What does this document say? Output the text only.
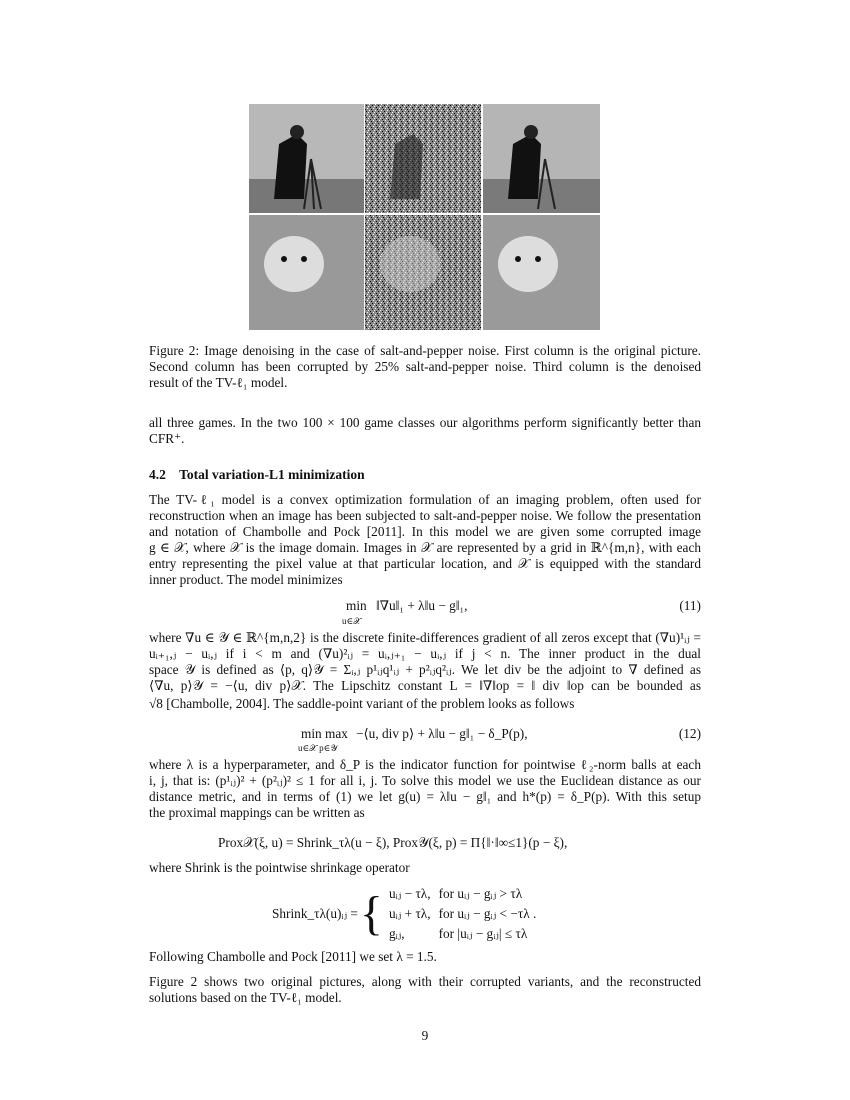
Figure 2: Image denoising in the case of salt-and-pepper noise. First column is the original picture.
Second column has been corrupted by 25% salt-and-pepper noise. Third column is the denoised
result of the TV-ℓ₁ model.
all three games. In the two 100 × 100 game classes our algorithms perform significantly better than
CFR⁺.
4.2 Total variation-L1 minimization
The TV-ℓ₁ model is a convex optimization formulation of an imaging problem, often used for
reconstruction when an image has been subjected to salt-and-pepper noise. We follow the presentation
and notation of Chambolle and Pock [2011]. In this model we are given some corrupted image
g ∈ 𝒳, where 𝒳 is the image domain. Images in 𝒳 are represented by a grid in ℝ^{m,n}, with each
entry representing the pixel value at that particular location, and 𝒳 is equipped with the standard
inner product. The model minimizes
min
u∈𝒳
‖∇u‖₁ + λ‖u − g‖₁,	(11)
where ∇u ∈ 𝒴 ∈ ℝ^{m,n,2} is the discrete finite-differences gradient of all zeros except that (∇u)¹ᵢⱼ =
uᵢ₊₁,ⱼ − uᵢ,ⱼ if i < m and (∇u)²ᵢⱼ = uᵢ,ⱼ₊₁ − uᵢ,ⱼ if j < n. The inner product in the dual
space 𝒴 is defined as ⟨p, q⟩𝒴 = Σᵢ,ⱼ p¹ᵢⱼq¹ᵢⱼ + p²ᵢⱼq²ᵢⱼ. We let div be the adjoint to ∇ defined as
⟨∇u, p⟩𝒴 = −⟨u, div p⟩𝒳. The Lipschitz constant L = ‖∇‖op = ‖ div ‖op can be bounded as
√8 [Chambolle, 2004]. The saddle-point variant of the problem looks as follows
min max
u∈𝒳 p∈𝒴
−⟨u, div p⟩ + λ‖u − g‖₁ − δ_P(p),	(12)
where λ is a hyperparameter, and δ_P is the indicator function for pointwise ℓ₂-norm balls at each
i, j, that is: (p¹ᵢⱼ)² + (p²ᵢⱼ)² ≤ 1 for all i, j. To solve this model we use the Euclidean distance as our
distance metric, and in terms of (1) we let g(u) = λ‖u − g‖₁ and h*(p) = δ_P(p). With this setup
the proximal mappings can be written as
Prox𝒳(ξ, u) = Shrink_τλ(u − ξ), Prox𝒴(ξ, p) = Π{‖·‖∞≤1}(p − ξ),
where Shrink is the pointwise shrinkage operator
Shrink_τλ(u)ᵢⱼ = { uᵢⱼ − τλ,	for uᵢⱼ − gᵢⱼ > τλ
uᵢⱼ + τλ,	for uᵢⱼ − gᵢⱼ < −τλ .
gᵢⱼ,	for |uᵢⱼ − gᵢⱼ| ≤ τλ
Following Chambolle and Pock [2011] we set λ = 1.5.
Figure 2 shows two original pictures, along with their corrupted variants, and the reconstructed
solutions based on the TV-ℓ₁ model.
9
